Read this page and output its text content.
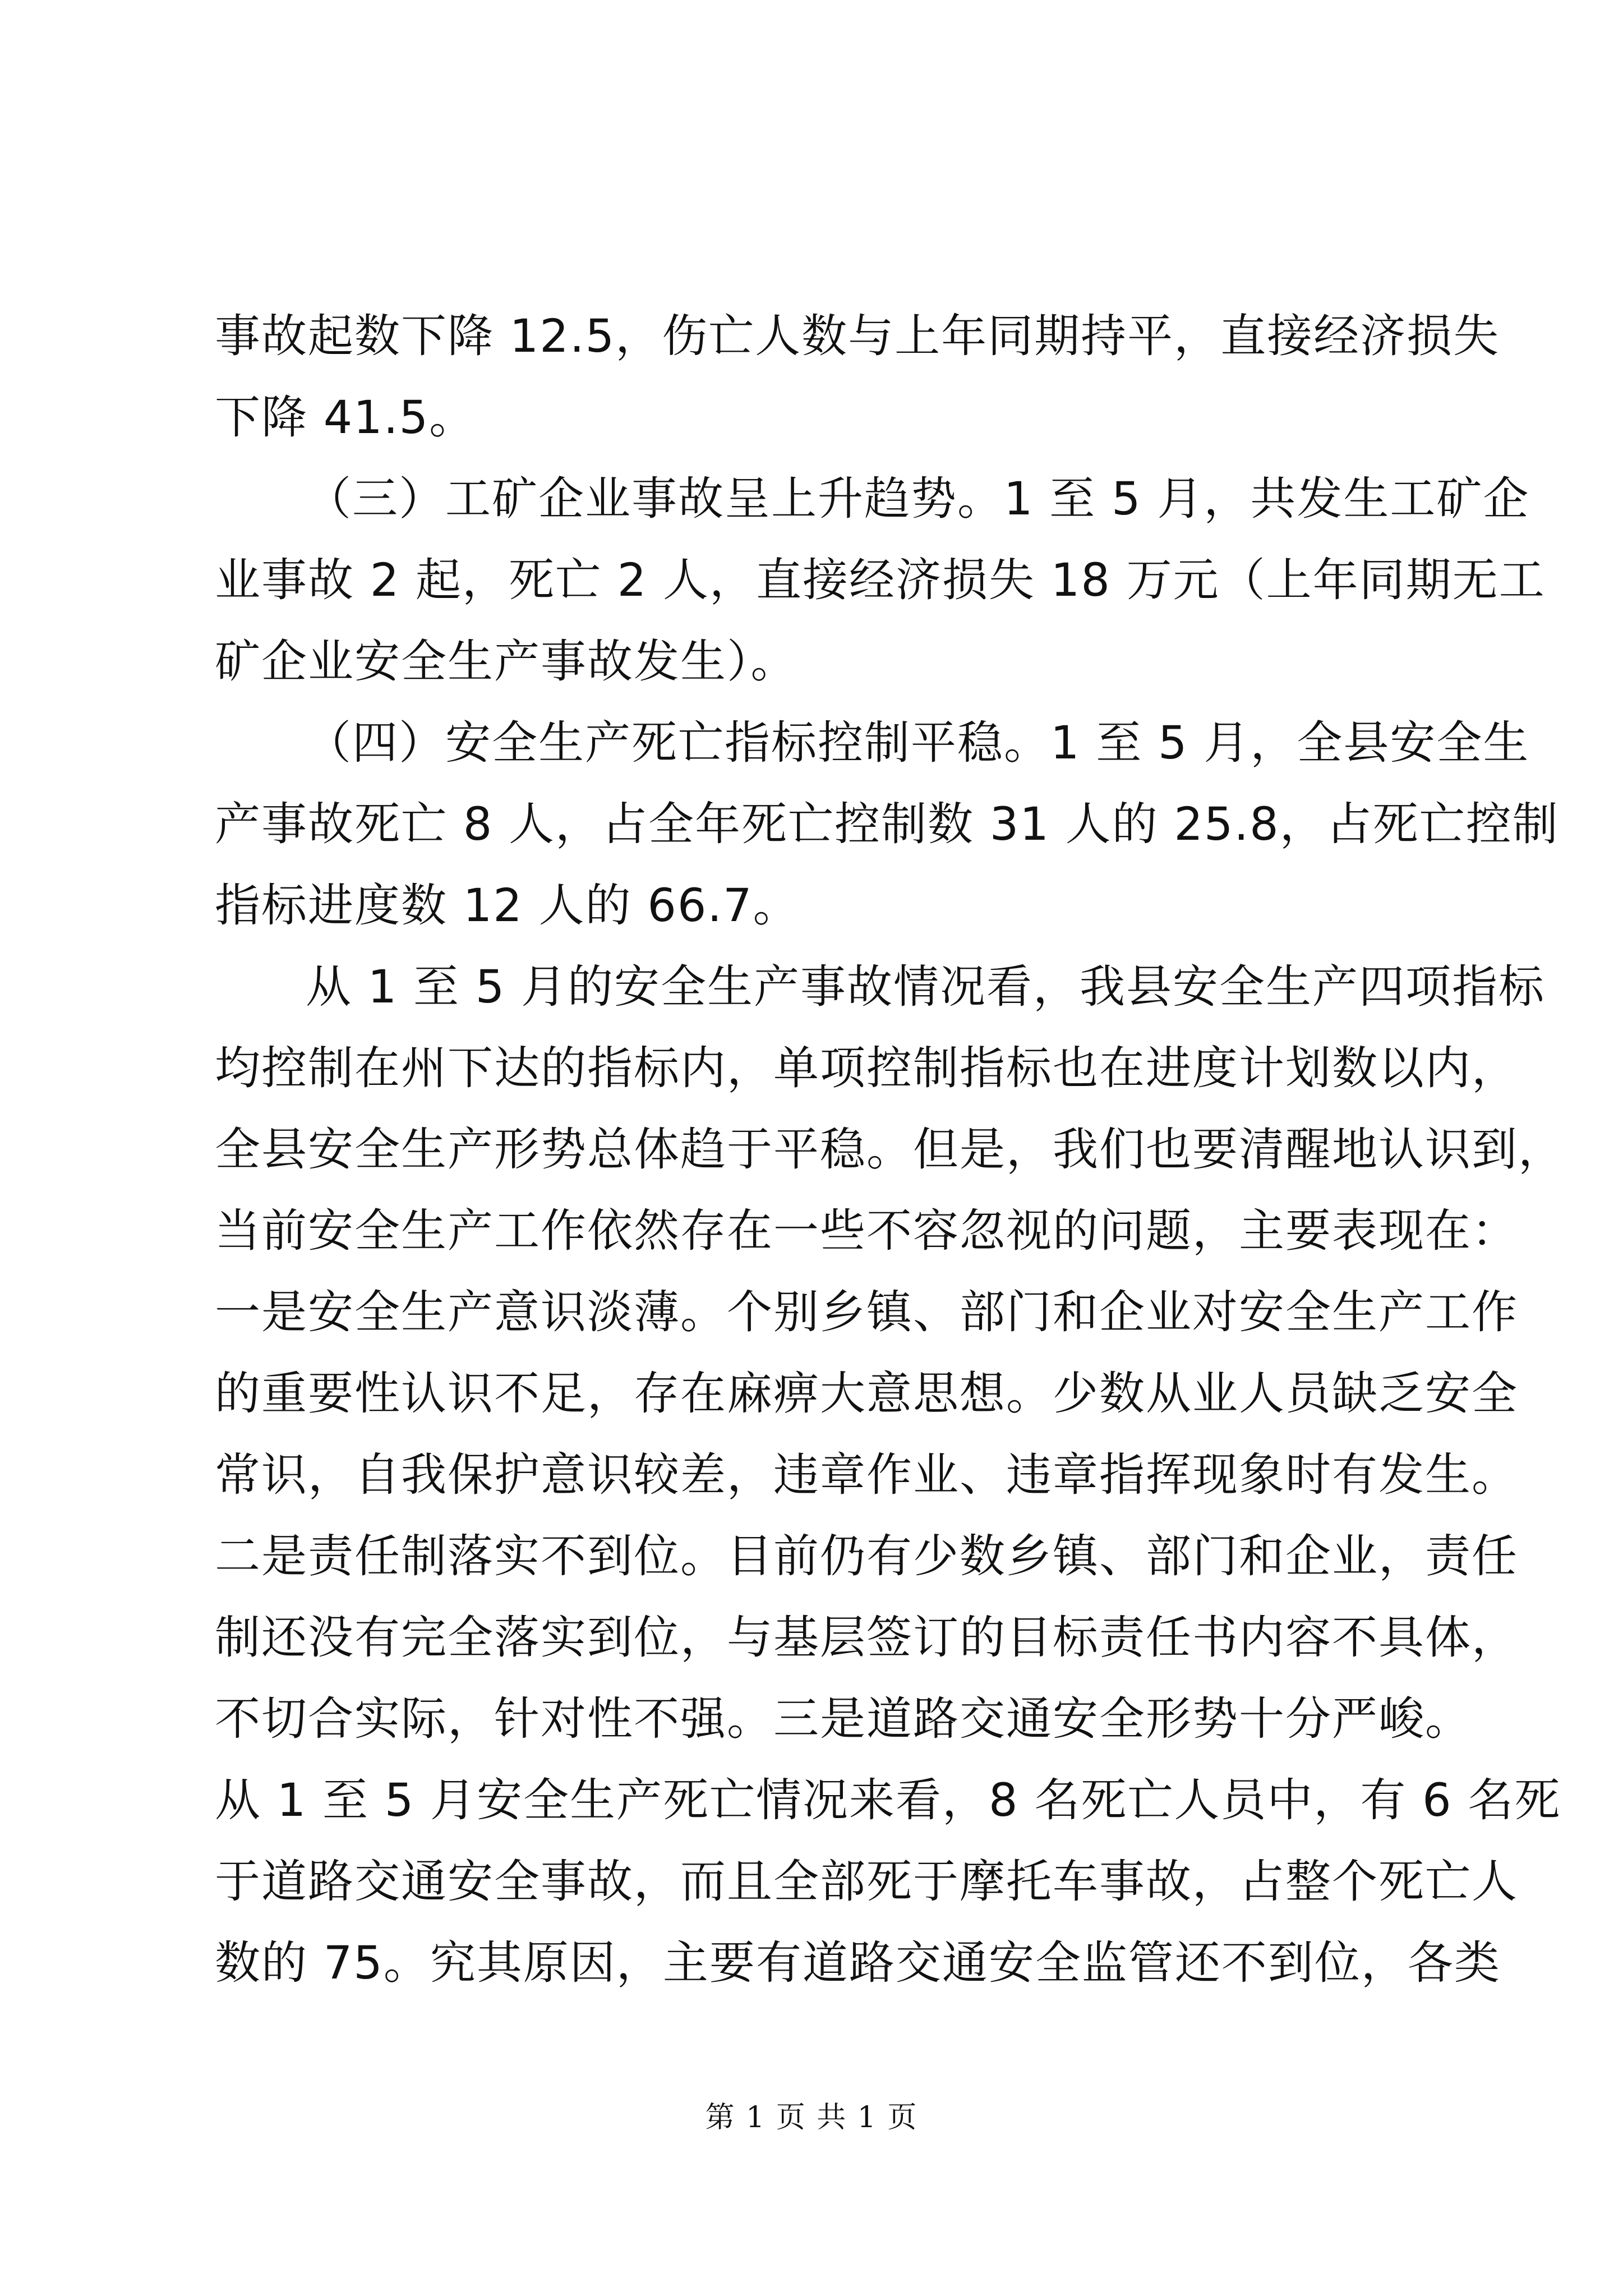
事故起数下降 12.5，伤亡人数与上年同期持平，直接经济损失
下降 41.5。
（三）工矿企业事故呈上升趋势。1 至 5 月，共发生工矿企
业事故 2 起，死亡 2 人，直接经济损失 18 万元（上年同期无工
矿企业安全生产事故发生）。
（四）安全生产死亡指标控制平稳。1 至 5 月，全县安全生
产事故死亡 8 人，占全年死亡控制数 31 人的 25.8，占死亡控制
指标进度数 12 人的 66.7。
从 1 至 5 月的安全生产事故情况看，我县安全生产四项指标
均控制在州下达的指标内，单项控制指标也在进度计划数以内，
全县安全生产形势总体趋于平稳。但是，我们也要清醒地认识到，
当前安全生产工作依然存在一些不容忽视的问题，主要表现在：
一是安全生产意识淡薄。个别乡镇、部门和企业对安全生产工作
的重要性认识不足，存在麻痹大意思想。少数从业人员缺乏安全
常识，自我保护意识较差，违章作业、违章指挥现象时有发生。
二是责任制落实不到位。目前仍有少数乡镇、部门和企业，责任
制还没有完全落实到位，与基层签订的目标责任书内容不具体，
不切合实际，针对性不强。三是道路交通安全形势十分严峻。
从 1 至 5 月安全生产死亡情况来看，8 名死亡人员中，有 6 名死
于道路交通安全事故，而且全部死于摩托车事故，占整个死亡人
数的 75。究其原因，主要有道路交通安全监管还不到位，各类
第 1 页 共 1 页
